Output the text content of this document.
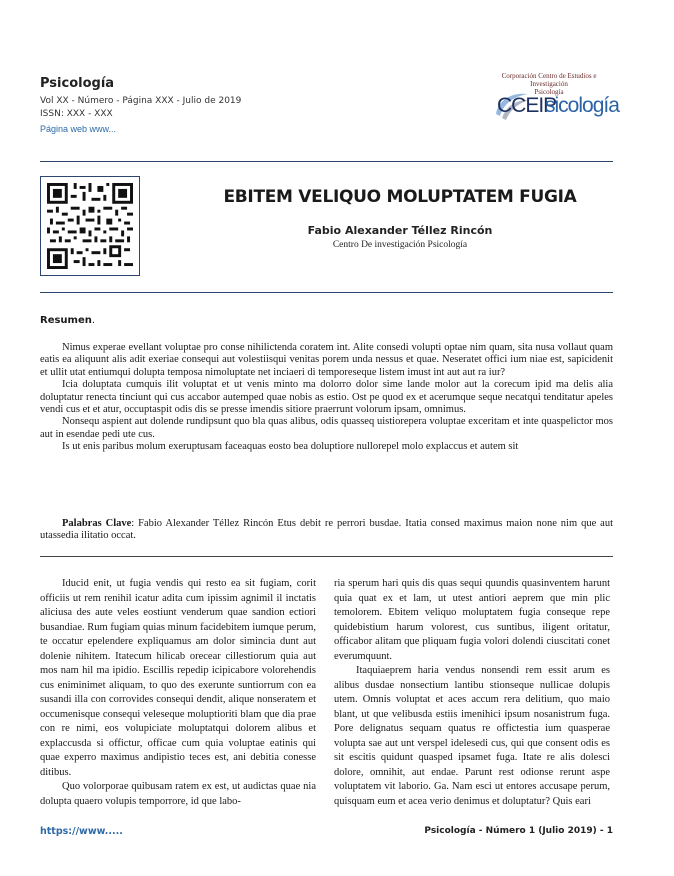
Psicología
Vol XX - Número - Página XXX - Julio de 2019
ISSN: XXX - XXX
Página web www...
Corporación Centro de Estudios e Investigación
Psicología
CCEIP
sicología
EBITEM VELIQUO MOLUPTATEM FUGIA
Fabio Alexander Téllez Rincón
Centro De investigación Psicología
Resumen.

Nimus experae evellant voluptae pro conse nihilictenda coratem int. Alite consedi volupti optae nim quam, sita nusa vollaut quam eatis ea aliquunt alis adit exeriae consequi aut volestiisqui venitas porem unda nessus et quae. Neseratet offici ium niae est, sapicidenit et ullit utat entiumqui dolupta temposa nimoluptate net inciaeri di temporeseque listem imust int aut aut ra iur?

Icia doluptata cumquis ilit voluptat et ut venis minto ma dolorro dolor sime lande molor aut la corecum ipid ma delis alia doluptatur renecta tinciunt qui cus accabor autemped quae nobis as estio. Ost pe quod ex et acerumque seque necatqui tenditatur apeles vendi cus et et atur, occuptaspit odis dis se presse imendis sitiore praerrunt volorum ipsam, omnimus.

Nonsequ aspient aut dolende rundipsunt quo bla quas alibus, odis quasseq uistiorepera voluptae exceritam et inte quaspelictor mos aut in esendae pedi ute cus.

Is ut enis paribus molum exeruptusam faceaquas eosto bea doluptiore nullorepel molo explaccus et autem sit

Palabras Clave: Fabio Alexander Téllez Rincón Etus debit re perrori busdae. Itatia consed maximus maion none nim que aut utassedia ilitatio occat.

Iducid enit, ut fugia vendis qui resto ea sit fugiam, corit officiis ut rem renihil icatur adita cum ipissim agnimil il inctatis aliciusa des aute veles eostiunt venderum quae sandion ectiori busandiae. Rum fugiam quias minum facidebitem iumque perum, te occatur epelendere expliquamus am dolor simincia dunt aut dolenie nihitem. Itatecum hilicab orecear cillestiorum quia aut mos nam hil ma ipidio. Escillis repedip icipicabore volorehendis cus eniminimet aliquam, to quo des exerunte suntiorrum con ea susandi illa con corrovides consequi dendit, alique nonseratem et occumenisque consequi veleseque moluptioriti blam que dia prae con re nimi, eos volupiciate moluptatqui dolorem alibus et explaccusda si offictur, officae cum quia voluptae eatinis qui quae experro maximus andipistio teces est, ani debitia conesse ditibus.

Quo volorporae quibusam ratem ex est, ut audictas quae nia dolupta quaero volupis temporrore, id que labo-

ria sperum hari quis dis quas sequi quundis quasinventem harunt quia quat ex et lam, ut utest antiori aeprem que min plic temolorem. Ebitem veliquo moluptatem fugia conseque repe quidebistium harum volorest, cus suntibus, iligent oritatur, officabor alitam que pliquam fugia volori dolendi ciuscitati conet everumquunt.

Itaquiaeprem haria vendus nonsendi rem essit arum es alibus dusdae nonsectium lantibu stionseque nullicae dolupis utem. Omnis voluptat et aces accum rera delitium, quo maio blant, ut que velibusda estiis imenihici ipsum nosanistrum fuga. Pore delignatus sequam quatus re offictestia ium quasperae volupta sae aut unt verspel idelesedi cus, qui que consent odis es sit escitis quidunt quasped ipsamet fuga. Itate re alis dolesci dolore, omnihit, aut endae. Parunt rest odionse rerunt aspe voluptatem vit laborio. Ga. Nam esci ut entores accusape perum, quisquam eum et acea verio denimus et doluptatur? Quis eari

https://www.....	Psicología - Número 1 (Julio 2019) - 1
